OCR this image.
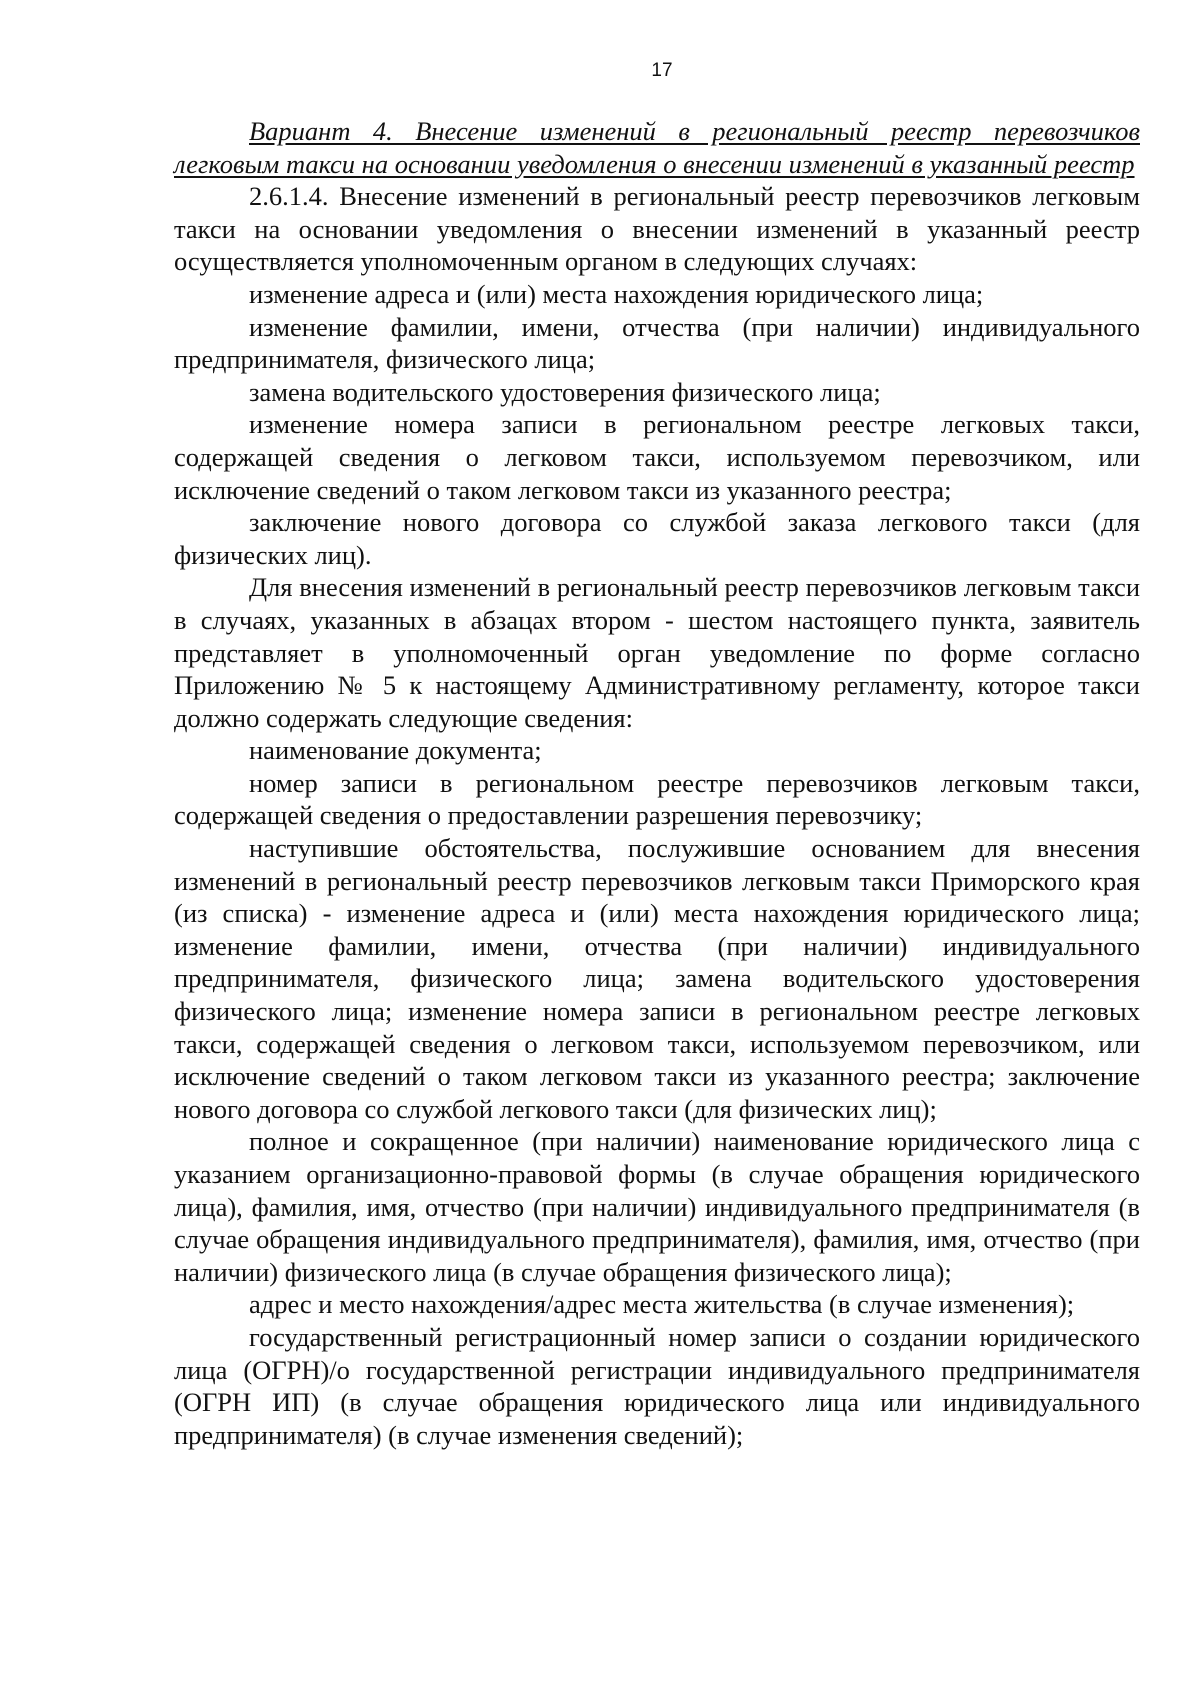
17

Вариант 4. Внесение изменений в региональный реестр перевозчиков легковым такси на основании уведомления о внесении изменений в указанный реестр

2.6.1.4. Внесение изменений в региональный реестр перевозчиков легковым такси на основании уведомления о внесении изменений в указанный реестр осуществляется уполномоченным органом в следующих случаях:

изменение адреса и (или) места нахождения юридического лица;

изменение фамилии, имени, отчества (при наличии) индивидуального предпринимателя, физического лица;

замена водительского удостоверения физического лица;

изменение номера записи в региональном реестре легковых такси, содержащей сведения о легковом такси, используемом перевозчиком, или исключение сведений о таком легковом такси из указанного реестра;

заключение нового договора со службой заказа легкового такси (для физических лиц).

Для внесения изменений в региональный реестр перевозчиков легковым такси в случаях, указанных в абзацах втором - шестом настоящего пункта, заявитель представляет в уполномоченный орган уведомление по форме согласно Приложению № 5 к настоящему Административному регламенту, которое такси должно содержать следующие сведения:

наименование документа;

номер записи в региональном реестре перевозчиков легковым такси, содержащей сведения о предоставлении разрешения перевозчику;

наступившие обстоятельства, послужившие основанием для внесения изменений в региональный реестр перевозчиков легковым такси Приморского края (из списка) - изменение адреса и (или) места нахождения юридического лица; изменение фамилии, имени, отчества (при наличии) индивидуального предпринимателя, физического лица; замена водительского удостоверения физического лица; изменение номера записи в региональном реестре легковых такси, содержащей сведения о легковом такси, используемом перевозчиком, или исключение сведений о таком легковом такси из указанного реестра; заключение нового договора со службой легкового такси (для физических лиц);

полное и сокращенное (при наличии) наименование юридического лица с указанием организационно-правовой формы (в случае обращения юридического лица), фамилия, имя, отчество (при наличии) индивидуального предпринимателя (в случае обращения индивидуального предпринимателя), фамилия, имя, отчество (при наличии) физического лица (в случае обращения физического лица);

адрес и место нахождения/адрес места жительства (в случае изменения);

государственный регистрационный номер записи о создании юридического лица (ОГРН)/о государственной регистрации индивидуального предпринимателя (ОГРН ИП) (в случае обращения юридического лица или индивидуального предпринимателя) (в случае изменения сведений);
